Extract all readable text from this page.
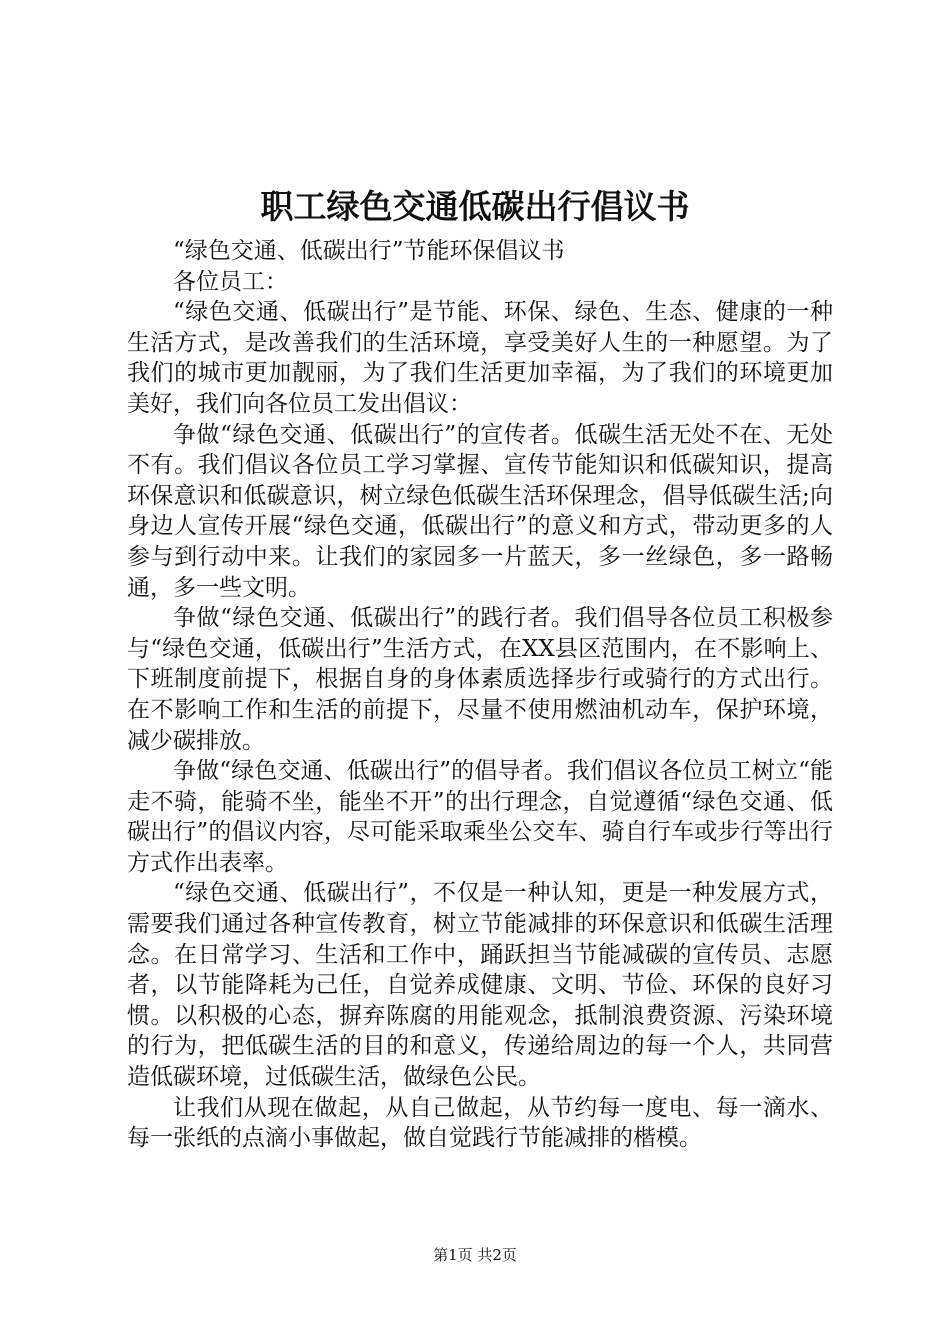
职工绿色交通低碳出行倡议书

“绿色交通、低碳出行”节能环保倡议书

各位员工：

“绿色交通、低碳出行”是节能、环保、绿色、生态、健康的一种生活方式，是改善我们的生活环境，享受美好人生的一种愿望。为了我们的城市更加靓丽，为了我们生活更加幸福，为了我们的环境更加美好，我们向各位员工发出倡议：

争做“绿色交通、低碳出行”的宣传者。低碳生活无处不在、无处不有。我们倡议各位员工学习掌握、宣传节能知识和低碳知识，提高环保意识和低碳意识，树立绿色低碳生活环保理念，倡导低碳生活;向身边人宣传开展“绿色交通，低碳出行”的意义和方式，带动更多的人参与到行动中来。让我们的家园多一片蓝天，多一丝绿色，多一路畅通，多一些文明。

争做“绿色交通、低碳出行”的践行者。我们倡导各位员工积极参与“绿色交通，低碳出行”生活方式，在XX县区范围内，在不影响上、下班制度前提下，根据自身的身体素质选择步行或骑行的方式出行。在不影响工作和生活的前提下，尽量不使用燃油机动车，保护环境，减少碳排放。

争做“绿色交通、低碳出行”的倡导者。我们倡议各位员工树立“能走不骑，能骑不坐，能坐不开”的出行理念，自觉遵循“绿色交通、低碳出行”的倡议内容，尽可能采取乘坐公交车、骑自行车或步行等出行方式作出表率。

“绿色交通、低碳出行”，不仅是一种认知，更是一种发展方式，需要我们通过各种宣传教育，树立节能减排的环保意识和低碳生活理念。在日常学习、生活和工作中，踊跃担当节能减碳的宣传员、志愿者，以节能降耗为己任，自觉养成健康、文明、节俭、环保的良好习惯。以积极的心态，摒弃陈腐的用能观念，抵制浪费资源、污染环境的行为，把低碳生活的目的和意义，传递给周边的每一个人，共同营造低碳环境，过低碳生活，做绿色公民。

让我们从现在做起，从自己做起，从节约每一度电、每一滴水、每一张纸的点滴小事做起，做自觉践行节能减排的楷模。

第1页 共2页
